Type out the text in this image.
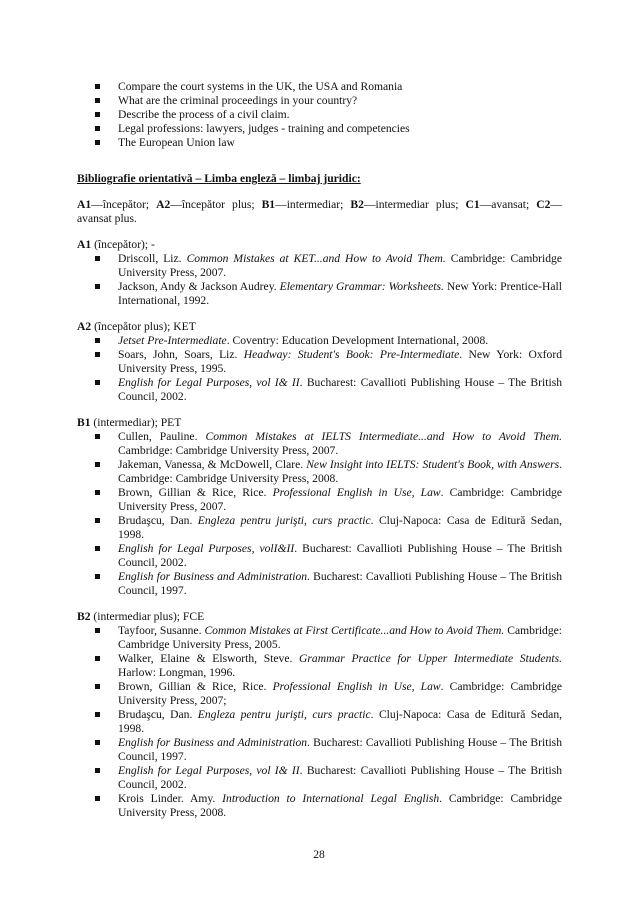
Compare the court systems in the UK, the USA and Romania
What are the criminal proceedings in your country?
Describe the process of a civil claim.
Legal professions: lawyers, judges - training and competencies
The European Union law
Bibliografie orientativă – Limba engleză – limbaj juridic:
A1—începător; A2—începător plus; B1—intermediar; B2—intermediar plus; C1—avansat; C2—avansat plus.
A1 (începător); -
Driscoll, Liz. Common Mistakes at KET...and How to Avoid Them. Cambridge: Cambridge University Press, 2007.
Jackson, Andy & Jackson Audrey. Elementary Grammar: Worksheets. New York: Prentice-Hall International, 1992.
A2 (începător plus); KET
Jetset Pre-Intermediate. Coventry: Education Development International, 2008.
Soars, John, Soars, Liz. Headway: Student's Book: Pre-Intermediate. New York: Oxford University Press, 1995.
English for Legal Purposes, vol I& II. Bucharest: Cavallioti Publishing House – The British Council, 2002.
B1 (intermediar); PET
Cullen, Pauline. Common Mistakes at IELTS Intermediate...and How to Avoid Them. Cambridge: Cambridge University Press, 2007.
Jakeman, Vanessa, & McDowell, Clare. New Insight into IELTS: Student's Book, with Answers. Cambridge: Cambridge University Press, 2008.
Brown, Gillian & Rice, Rice. Professional English in Use, Law. Cambridge: Cambridge University Press, 2007.
Brudaşcu, Dan. Engleza pentru jurişti, curs practic. Cluj-Napoca: Casa de Editură Sedan, 1998.
English for Legal Purposes, volI&II. Bucharest: Cavallioti Publishing House – The British Council, 2002.
English for Business and Administration. Bucharest: Cavallioti Publishing House – The British Council, 1997.
B2 (intermediar plus); FCE
Tayfoor, Susanne. Common Mistakes at First Certificate...and How to Avoid Them. Cambridge: Cambridge University Press, 2005.
Walker, Elaine & Elsworth, Steve. Grammar Practice for Upper Intermediate Students. Harlow: Longman, 1996.
Brown, Gillian & Rice, Rice. Professional English in Use, Law. Cambridge: Cambridge University Press, 2007;
Brudaşcu, Dan. Engleza pentru jurişti, curs practic. Cluj-Napoca: Casa de Editură Sedan, 1998.
English for Business and Administration. Bucharest: Cavallioti Publishing House – The British Council, 1997.
English for Legal Purposes, vol I& II. Bucharest: Cavallioti Publishing House – The British Council, 2002.
Krois Linder. Amy. Introduction to International Legal English. Cambridge: Cambridge University Press, 2008.
28
